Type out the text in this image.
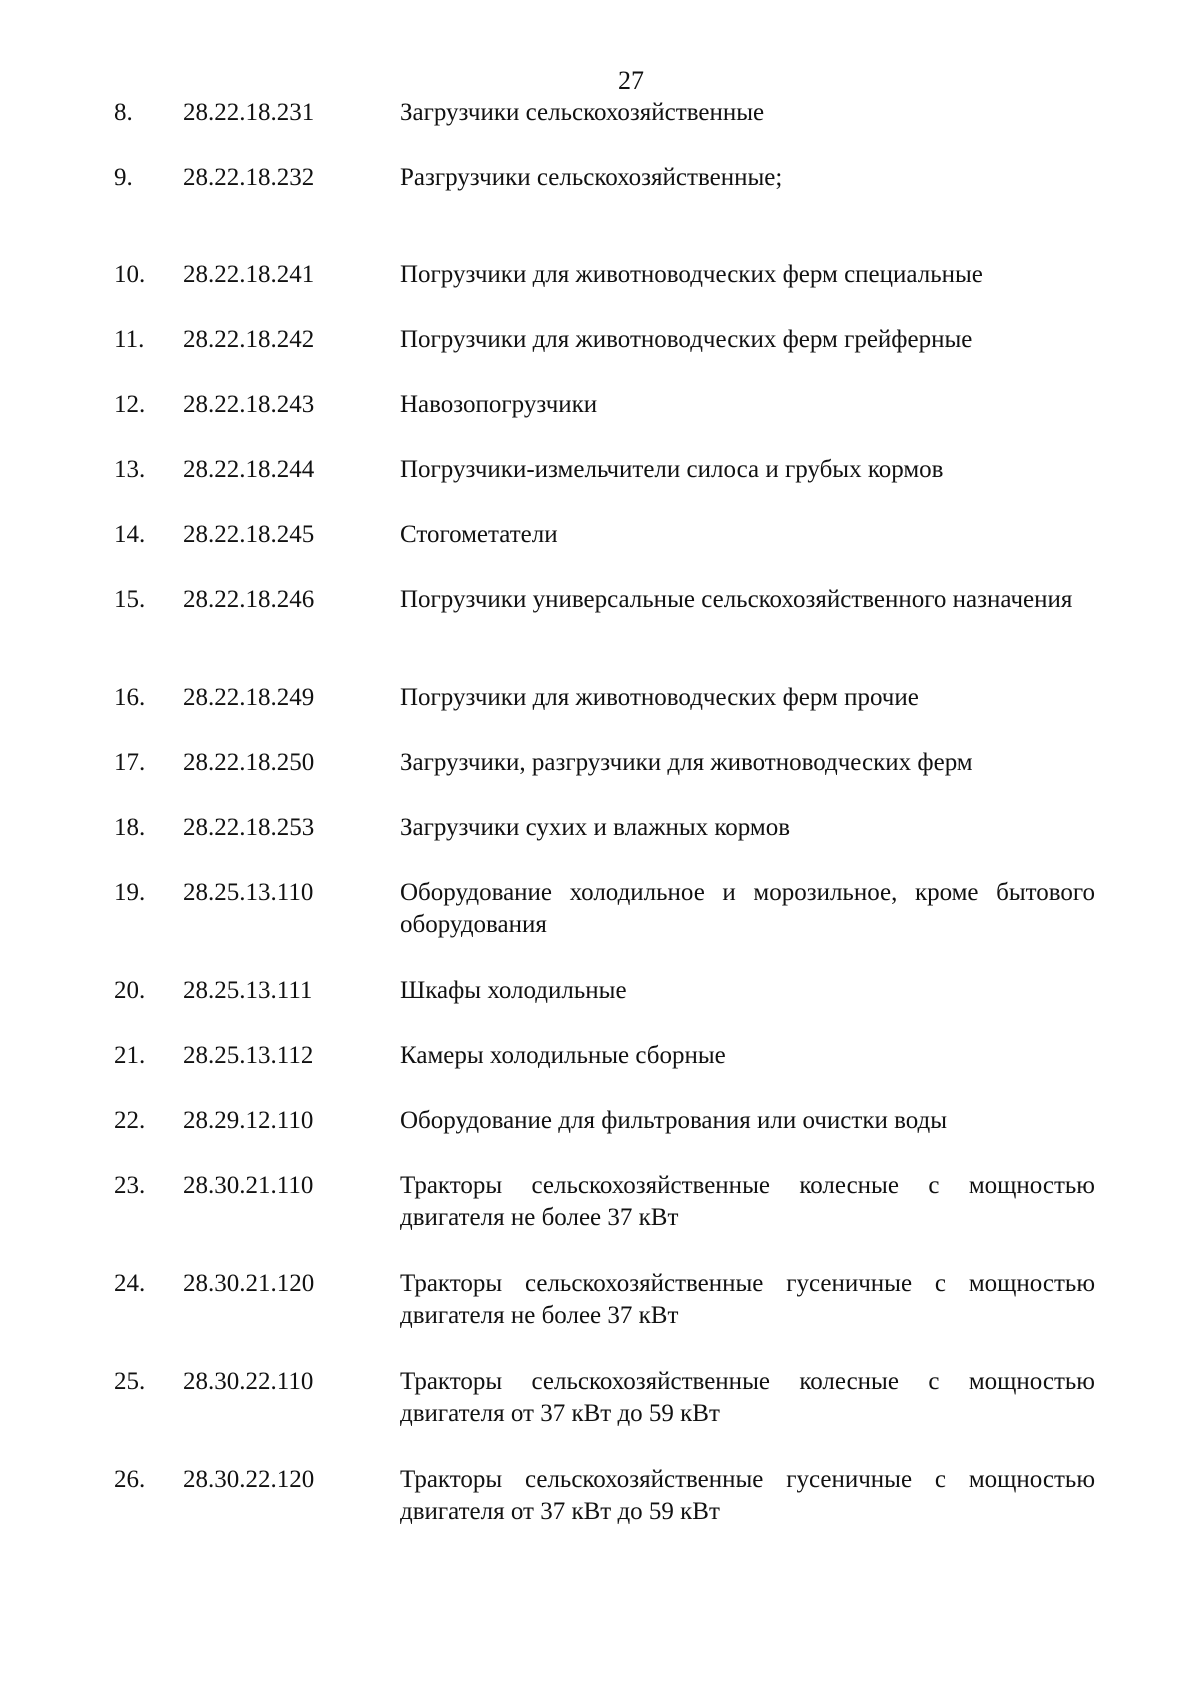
27
8. 28.22.18.231	Загрузчики сельскохозяйственные
9. 28.22.18.232	Разгрузчики сельскохозяйственные;
10. 28.22.18.241	Погрузчики для животноводческих ферм специальные
11. 28.22.18.242	Погрузчики для животноводческих ферм грейферные
12. 28.22.18.243	Навозопогрузчики
13. 28.22.18.244	Погрузчики-измельчители силоса и грубых кормов
14. 28.22.18.245	Стогометатели
15. 28.22.18.246	Погрузчики универсальные сельскохозяйственного назначения
16. 28.22.18.249	Погрузчики для животноводческих ферм прочие
17. 28.22.18.250	Загрузчики, разгрузчики для животноводческих ферм
18. 28.22.18.253	Загрузчики сухих и влажных кормов
19. 28.25.13.110	Оборудование холодильное и морозильное, кроме бытового оборудования
20. 28.25.13.111	Шкафы холодильные
21. 28.25.13.112	Камеры холодильные сборные
22. 28.29.12.110	Оборудование для фильтрования или очистки воды
23. 28.30.21.110	Тракторы сельскохозяйственные колесные с мощностью двигателя не более 37 кВт
24. 28.30.21.120	Тракторы сельскохозяйственные гусеничные с мощностью двигателя не более 37 кВт
25. 28.30.22.110	Тракторы сельскохозяйственные колесные с мощностью двигателя от 37 кВт до 59 кВт
26. 28.30.22.120	Тракторы сельскохозяйственные гусеничные с мощностью двигателя от 37 кВт до 59 кВт
